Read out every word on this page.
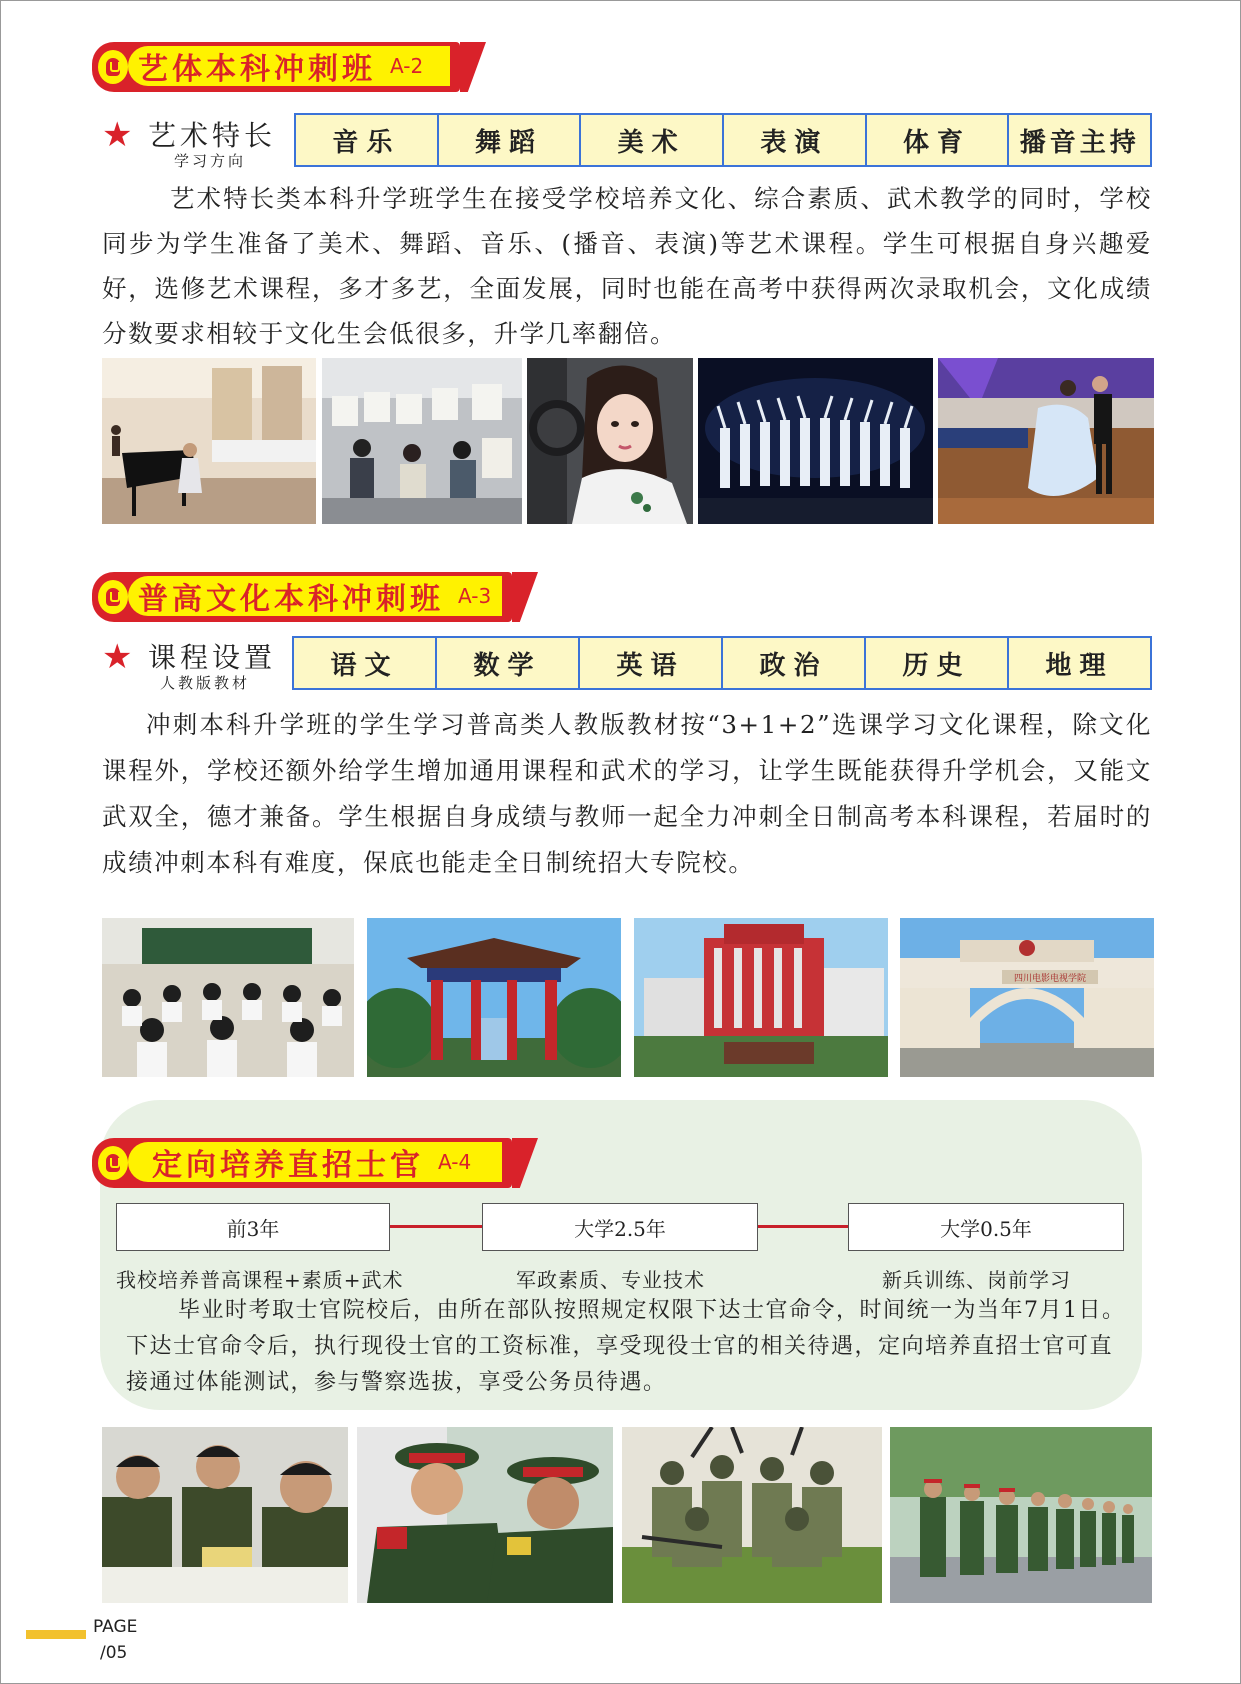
艺体本科冲刺班 A-2
★ 艺术特长
学习方向
音乐	舞蹈	美术	表演	体育	播音主持

艺术特长类本科升学班学生在接受学校培养文化、综合素质、武术教学的同时，学校同步为学生准备了美术、舞蹈、音乐、(播音、表演)等艺术课程。学生可根据自身兴趣爱好，选修艺术课程，多才多艺，全面发展，同时也能在高考中获得两次录取机会，文化成绩分数要求相较于文化生会低很多，升学几率翻倍。

普高文化本科冲刺班 A-3
★ 课程设置
人教版教材
语文	数学	英语	政治	历史	地理

冲刺本科升学班的学生学习普高类人教版教材按“3+1+2”选课学习文化课程，除文化课程外，学校还额外给学生增加通用课程和武术的学习，让学生既能获得升学机会，又能文武双全，德才兼备。学生根据自身成绩与教师一起全力冲刺全日制高考本科课程，若届时的成绩冲刺本科有难度，保底也能走全日制统招大专院校。

四川电影电视学院
定向培养直招士官 A-4
前3年	大学2.5年	大学0.5年
我校培养普高课程+素质+武术	军政素质、专业技术	新兵训练、岗前学习

毕业时考取士官院校后，由所在部队按照规定权限下达士官命令，时间统一为当年7月1日。下达士官命令后，执行现役士官的工资标准，享受现役士官的相关待遇，定向培养直招士官可直接通过体能测试，参与警察选拔，享受公务员待遇。

PAGE
/05
